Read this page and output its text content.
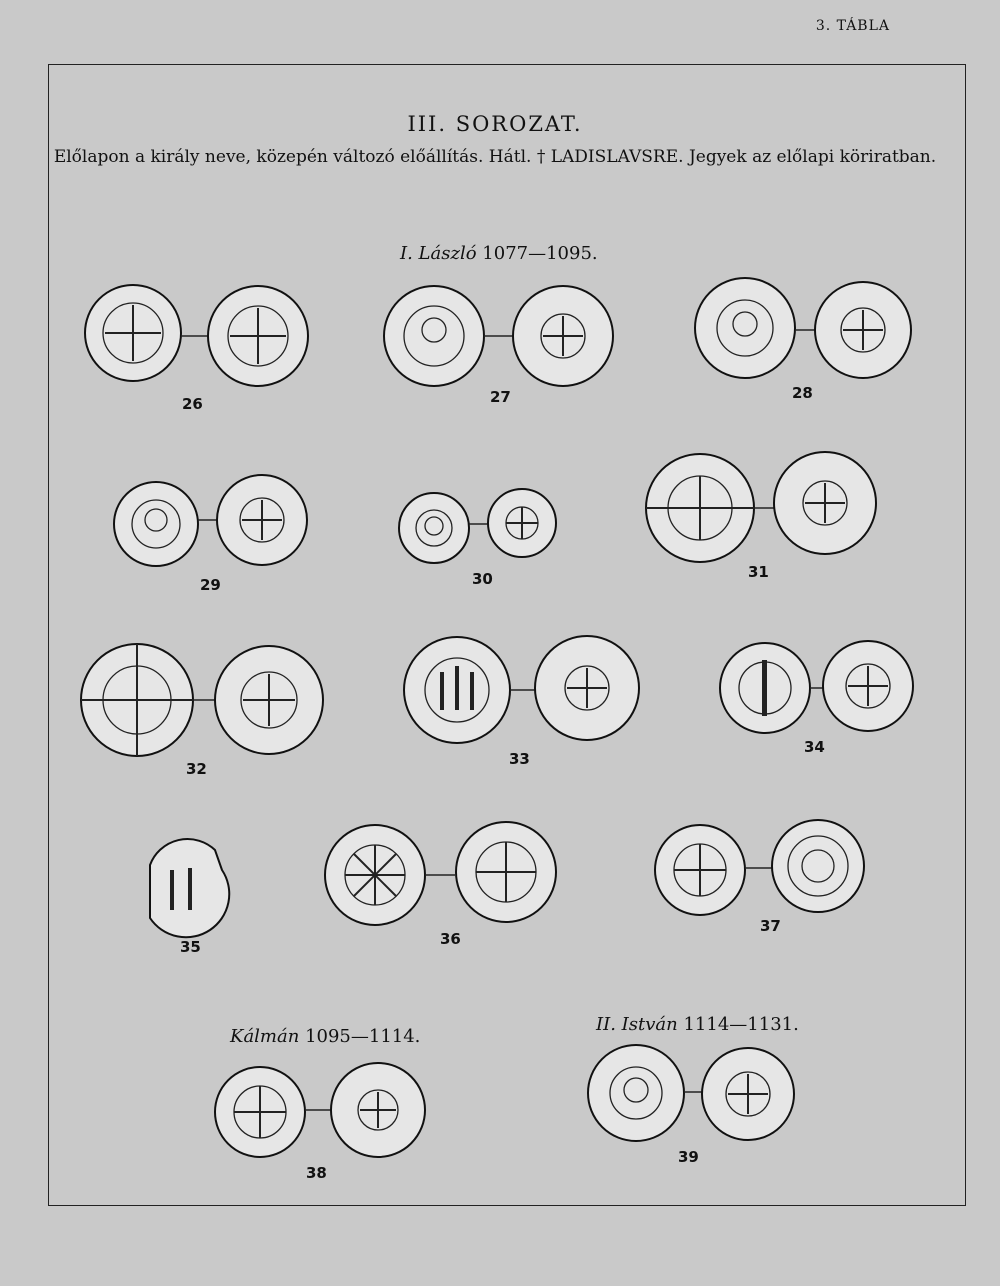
3. TÁBLA
III. SOROZAT.
Előlapon a király neve, közepén változó előállítás. Hátl. † LADISLAVSRE. Jegyek az előlapi köriratban.
I. László 1077—1095.
Kálmán 1095—1114.
II. István 1114—1131.
26	27	28
29	30	31
32
33
34
35	36
37
38
39
